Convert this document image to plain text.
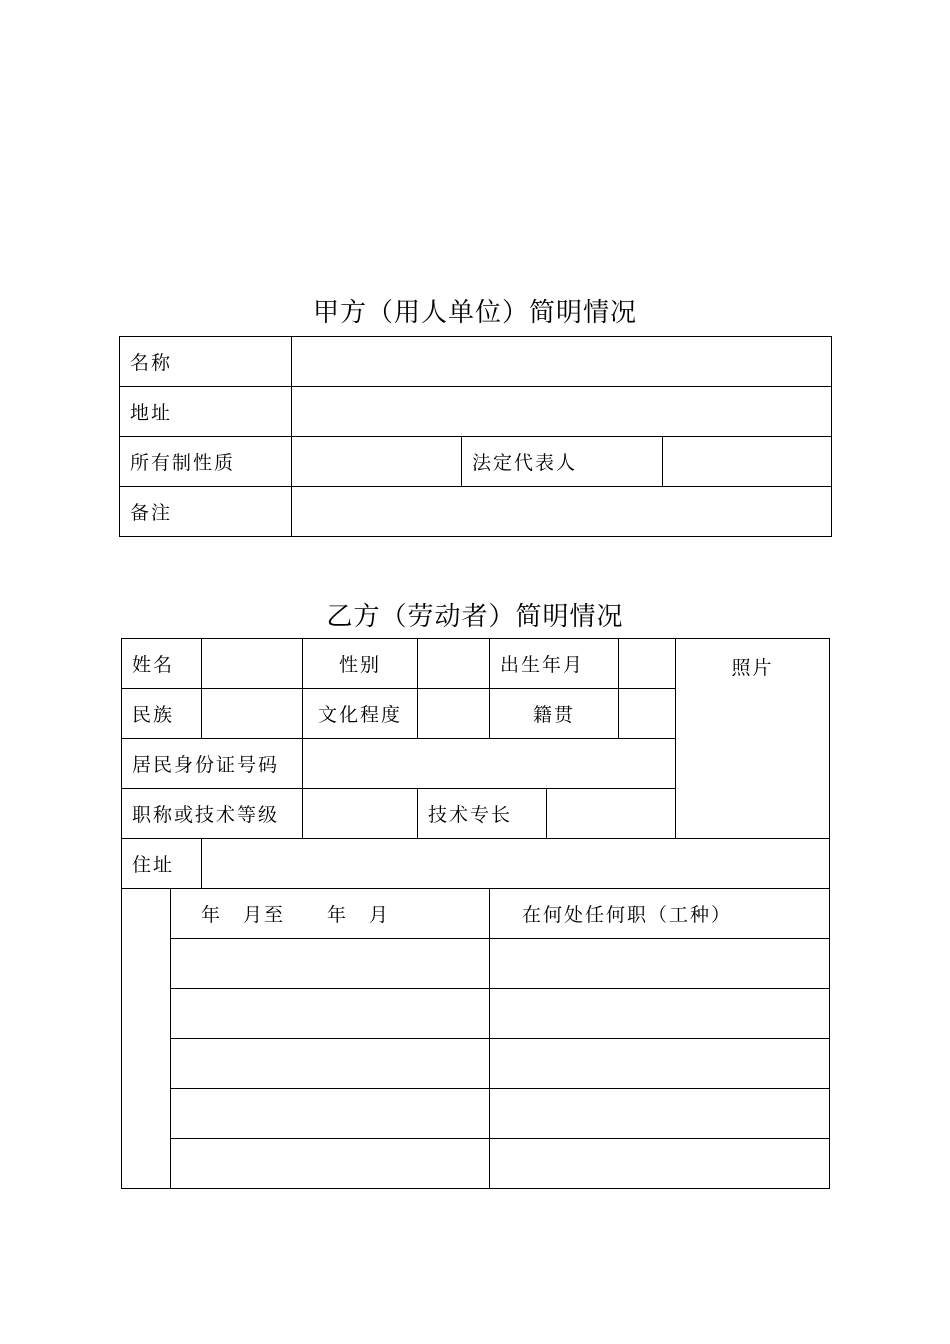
甲方（用人单位）简明情况
名称			
地址			
所有制性质		法定代表人	
备注			
乙方（劳动者）简明情况
姓名			性别		出生年月			照片
民族			文化程度		籍贯			
居民身份证号码								
职称或技术等级				技术专长				
住址								
	年　月至　　年　月				在何处任何职（工种）			
